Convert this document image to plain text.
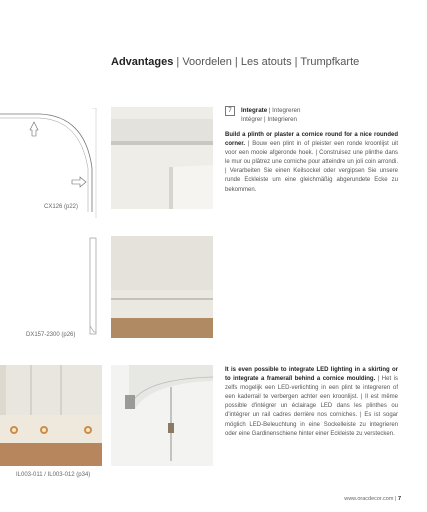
Advantages | Voordelen | Les atouts | Trumpfkarte
CX126 (p22)
DX157-2300 (p26)
IL003-011 / IL003-012 (p34)
7	Integrate | Integreren
Intégrer | Integrieren
Build a plinth or plaster a cornice round for a nice rounded corner. | Bouw een plint in of pleister een ronde kroonlijst uit voor een mooie afgeronde hoek. | Construisez une plinthe dans le mur ou plâtrez une corniche pour atteindre un joli coin arrondi. | Verarbeiten Sie einen Keilsockel oder vergipsen Sie unsere runde Eckleiste um eine gleichmäßig abgerundete Ecke zu bekommen.
It is even possible to integrate LED lighting in a skirting or to integrate a frameraïl behind a cornice moulding. | Het is zelfs mogelijk een LED-verlichting in een plint te integreren of een kaderrail te verbergen achter een kroonlijst. | Il est même possible d'intégrer un éclairage LED dans les plinthes ou d'intégrer un rail cadres derrière nos corniches. | Es ist sogar möglich LED-Beleuchtung in eine Sockelleiste zu integrieren oder eine Gardinenschiene hinter einer Eckleiste zu verstecken.
www.oracdecor.com | 7
